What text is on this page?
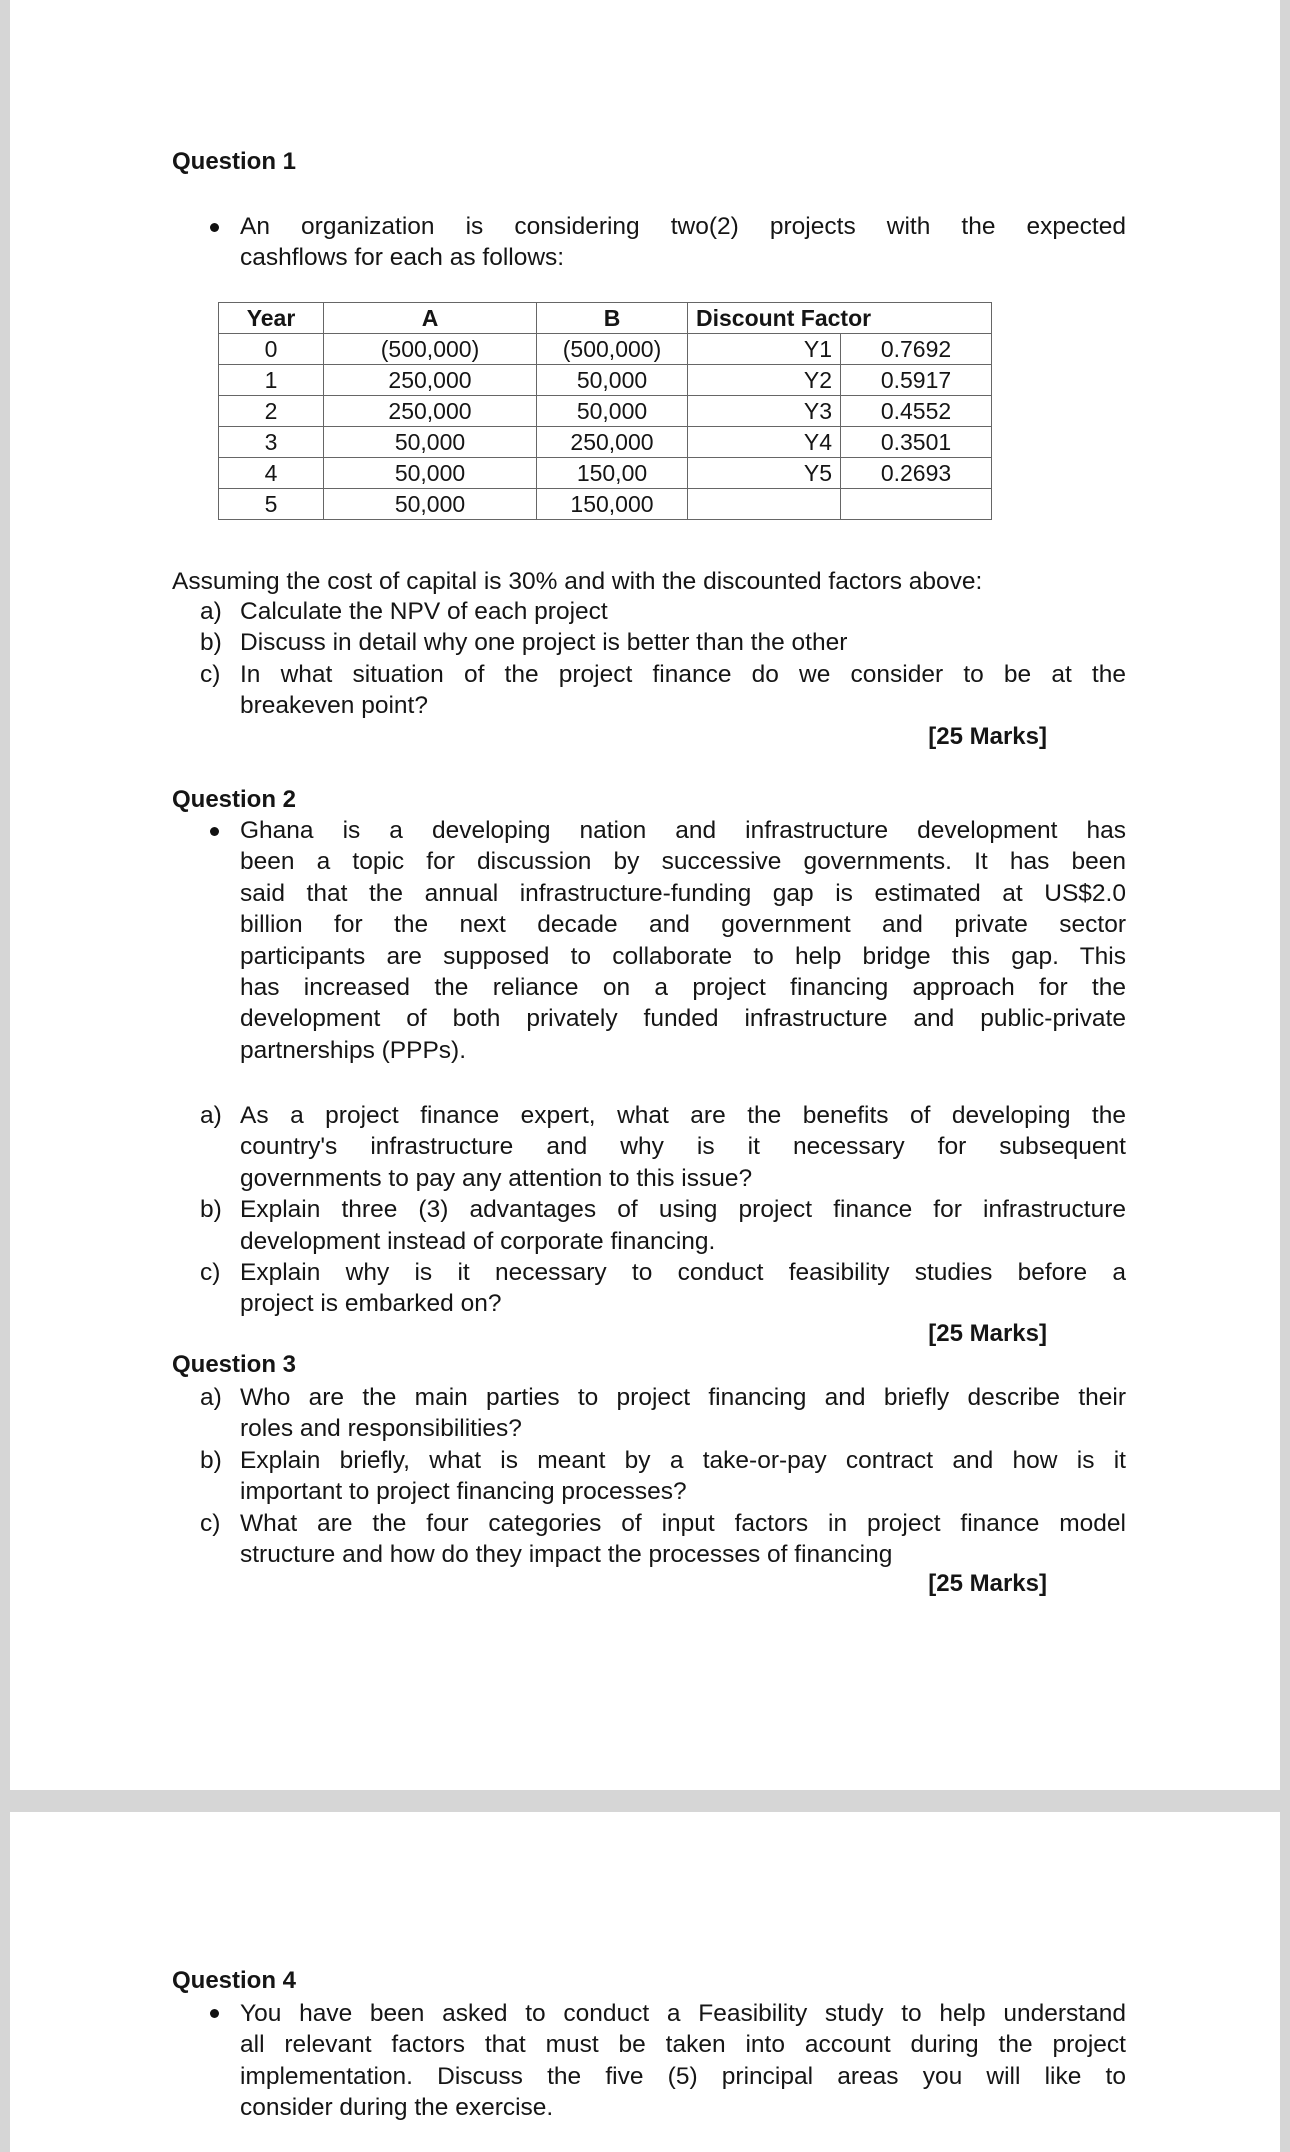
Question 1
An organization is considering two(2) projects with the expected
cashflows for each as follows:
Year	A	B	Discount Factor	
0	(500,000)	(500,000)	Y1	0.7692
1	250,000	50,000	Y2	0.5917
2	250,000	50,000	Y3	0.4552
3	50,000	250,000	Y4	0.3501
4	50,000	150,00	Y5	0.2693
5	50,000	150,000		
Assuming the cost of capital is 30% and with the discounted factors above:
a) Calculate the NPV of each project
b) Discuss in detail why one project is better than the other
c) In what situation of the project finance do we consider to be at the
breakeven point?
[25 Marks]
Question 2
Ghana is a developing nation and infrastructure development has
been a topic for discussion by successive governments. It has been
said that the annual infrastructure-funding gap is estimated at US$2.0
billion for the next decade and government and private sector
participants are supposed to collaborate to help bridge this gap. This
has increased the reliance on a project financing approach for the
development of both privately funded infrastructure and public-private
partnerships (PPPs).
a) As a project finance expert, what are the benefits of developing the
country's infrastructure and why is it necessary for subsequent
governments to pay any attention to this issue?
b) Explain three (3) advantages of using project finance for infrastructure
development instead of corporate financing.
c) Explain why is it necessary to conduct feasibility studies before a
project is embarked on?
[25 Marks]
Question 3
a) Who are the main parties to project financing and briefly describe their
roles and responsibilities?
b) Explain briefly, what is meant by a take-or-pay contract and how is it
important to project financing processes?
c) What are the four categories of input factors in project finance model
structure and how do they impact the processes of financing
[25 Marks]
Question 4
You have been asked to conduct a Feasibility study to help understand
all relevant factors that must be taken into account during the project
implementation. Discuss the five (5) principal areas you will like to
consider during the exercise.
